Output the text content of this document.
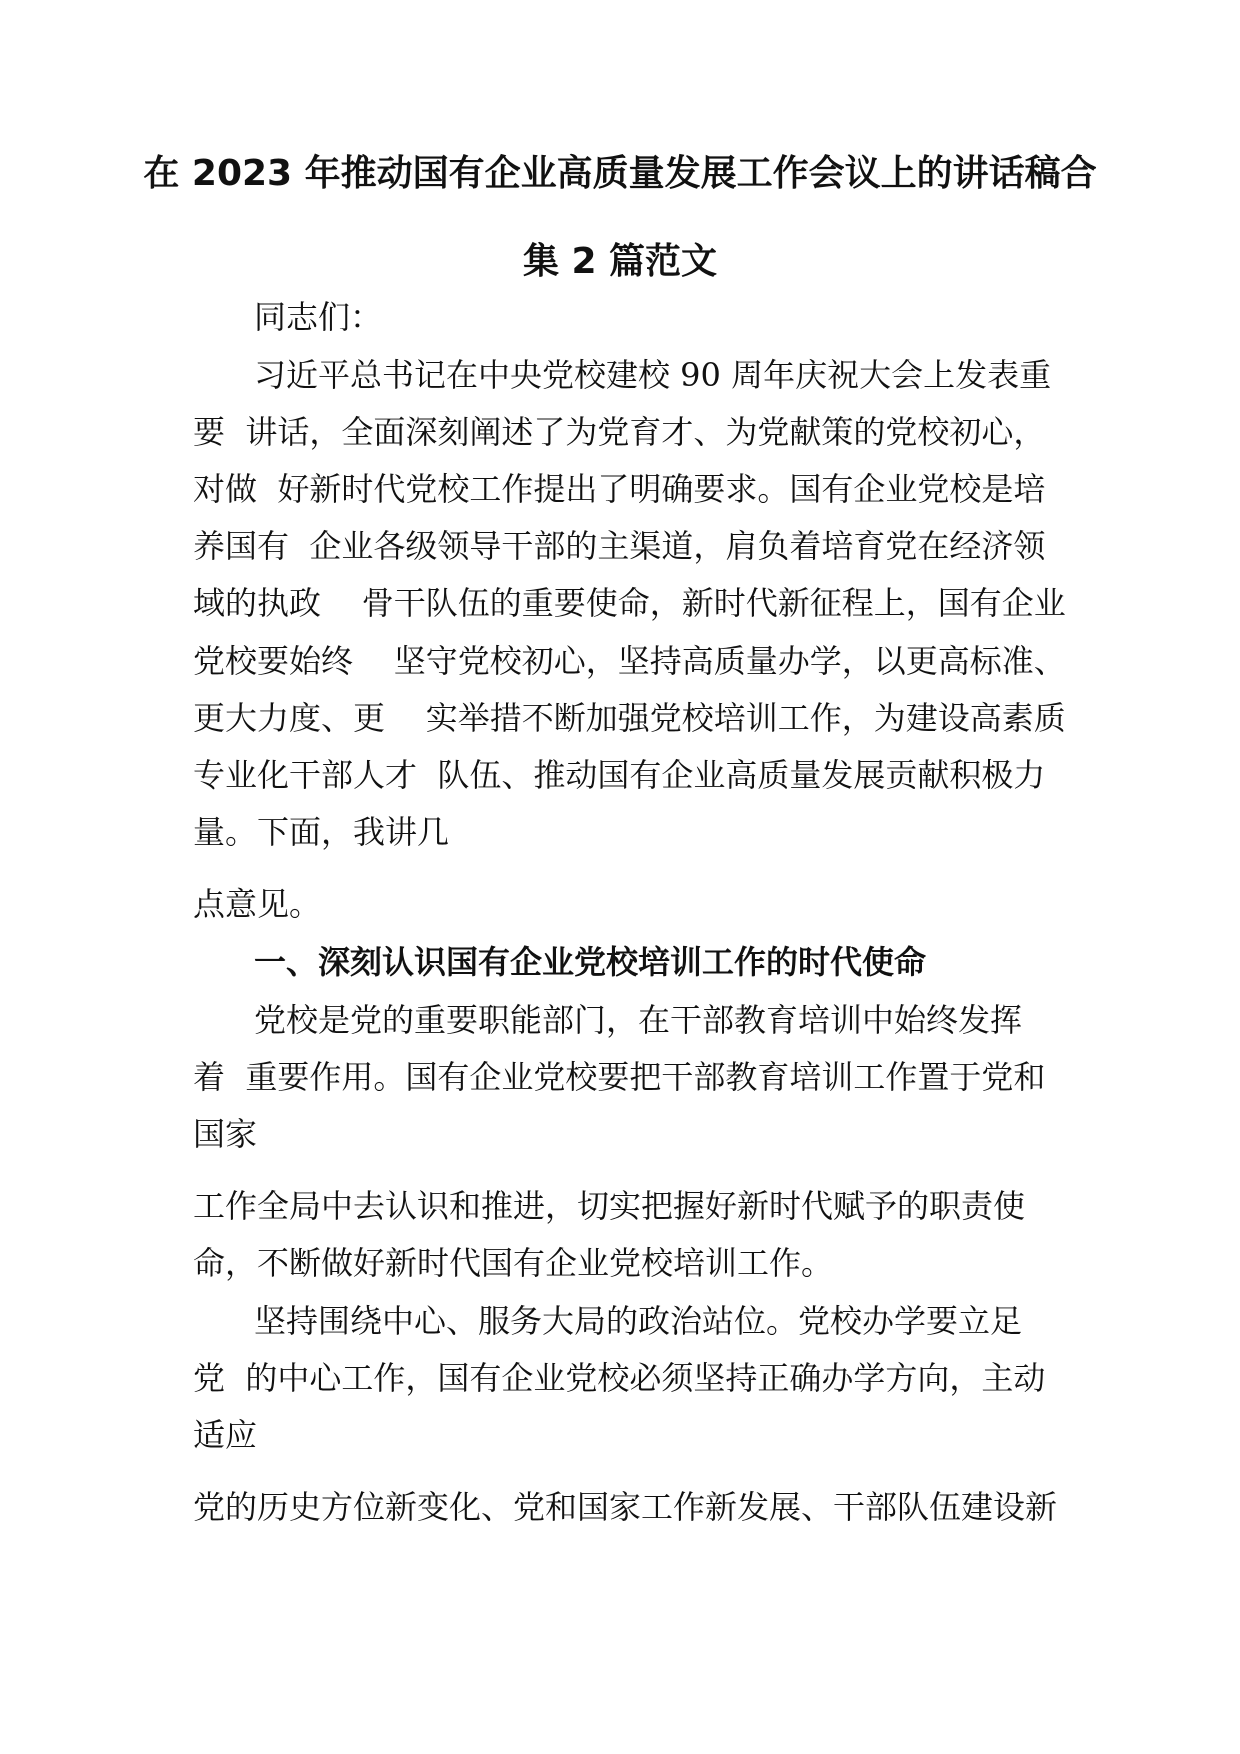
在 2023 年推动国有企业高质量发展工作会议上的讲话稿合
集 2 篇范文
同志们：
习近平总书记在中央党校建校 90 周年庆祝大会上发表重
要  讲话，全面深刻阐述了为党育才、为党献策的党校初心，
对做  好新时代党校工作提出了明确要求。国有企业党校是培
养国有  企业各级领导干部的主渠道，肩负着培育党在经济领
域的执政    骨干队伍的重要使命，新时代新征程上，国有企业
党校要始终    坚守党校初心，坚持高质量办学，以更高标准、
更大力度、更    实举措不断加强党校培训工作，为建设高素质
专业化干部人才  队伍、推动国有企业高质量发展贡献积极力
量。下面，我讲几
点意见。
一、深刻认识国有企业党校培训工作的时代使命
党校是党的重要职能部门，在干部教育培训中始终发挥
着  重要作用。国有企业党校要把干部教育培训工作置于党和
国家
工作全局中去认识和推进，切实把握好新时代赋予的职责使
命，不断做好新时代国有企业党校培训工作。
坚持围绕中心、服务大局的政治站位。党校办学要立足
党  的中心工作，国有企业党校必须坚持正确办学方向，主动
适应
党的历史方位新变化、党和国家工作新发展、干部队伍建设新
